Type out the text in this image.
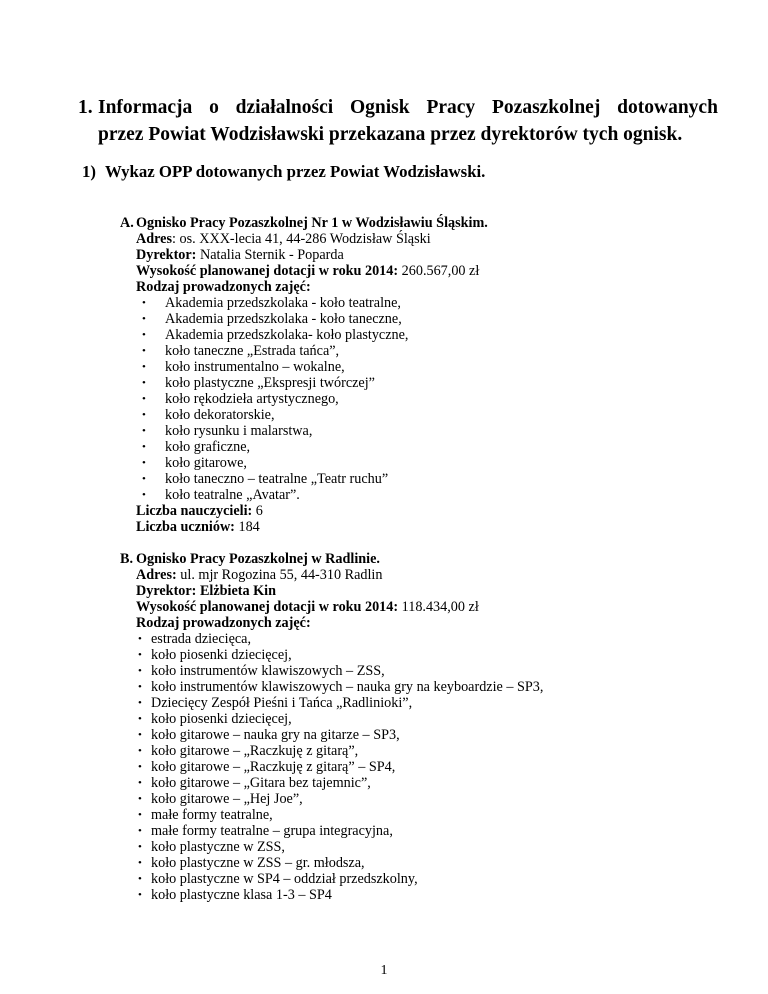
1. Informacja o działalności Ognisk Pracy Pozaszkolnej dotowanych
przez Powiat Wodzisławski przekazana przez dyrektorów tych ognisk.
1) Wykaz OPP dotowanych przez Powiat Wodzisławski.
A. Ognisko Pracy Pozaszkolnej Nr 1 w Wodzisławiu Śląskim.
Adres: os. XXX-lecia 41, 44-286 Wodzisław Śląski
Dyrektor: Natalia Sternik - Poparda
Wysokość planowanej dotacji w roku 2014: 260.567,00 zł
Rodzaj prowadzonych zajęć:
• Akademia przedszkolaka - koło teatralne,
• Akademia przedszkolaka - koło taneczne,
• Akademia przedszkolaka- koło plastyczne,
• koło taneczne „Estrada tańca”,
• koło instrumentalno – wokalne,
• koło plastyczne „Ekspresji twórczej”
• koło rękodzieła artystycznego,
• koło dekoratorskie,
• koło rysunku i malarstwa,
• koło graficzne,
• koło gitarowe,
• koło taneczno – teatralne „Teatr ruchu”
• koło teatralne „Avatar”.
Liczba nauczycieli: 6
Liczba uczniów: 184
B. Ognisko Pracy Pozaszkolnej w Radlinie.
Adres: ul. mjr Rogozina 55, 44-310 Radlin
Dyrektor: Elżbieta Kin
Wysokość planowanej dotacji w roku 2014: 118.434,00 zł
Rodzaj prowadzonych zajęć:
• estrada dziecięca,
• koło piosenki dziecięcej,
• koło instrumentów klawiszowych – ZSS,
• koło instrumentów klawiszowych – nauka gry na keyboardzie – SP3,
• Dziecięcy Zespół Pieśni i Tańca „Radlinioki”,
• koło piosenki dziecięcej,
• koło gitarowe – nauka gry na gitarze – SP3,
• koło gitarowe – „Raczkuję z gitarą”,
• koło gitarowe – „Raczkuję z gitarą” – SP4,
• koło gitarowe – „Gitara bez tajemnic”,
• koło gitarowe – „Hej Joe”,
• małe formy teatralne,
• małe formy teatralne – grupa integracyjna,
• koło plastyczne w ZSS,
• koło plastyczne w ZSS – gr. młodsza,
• koło plastyczne w SP4 – oddział przedszkolny,
• koło plastyczne klasa 1-3 – SP4
1
